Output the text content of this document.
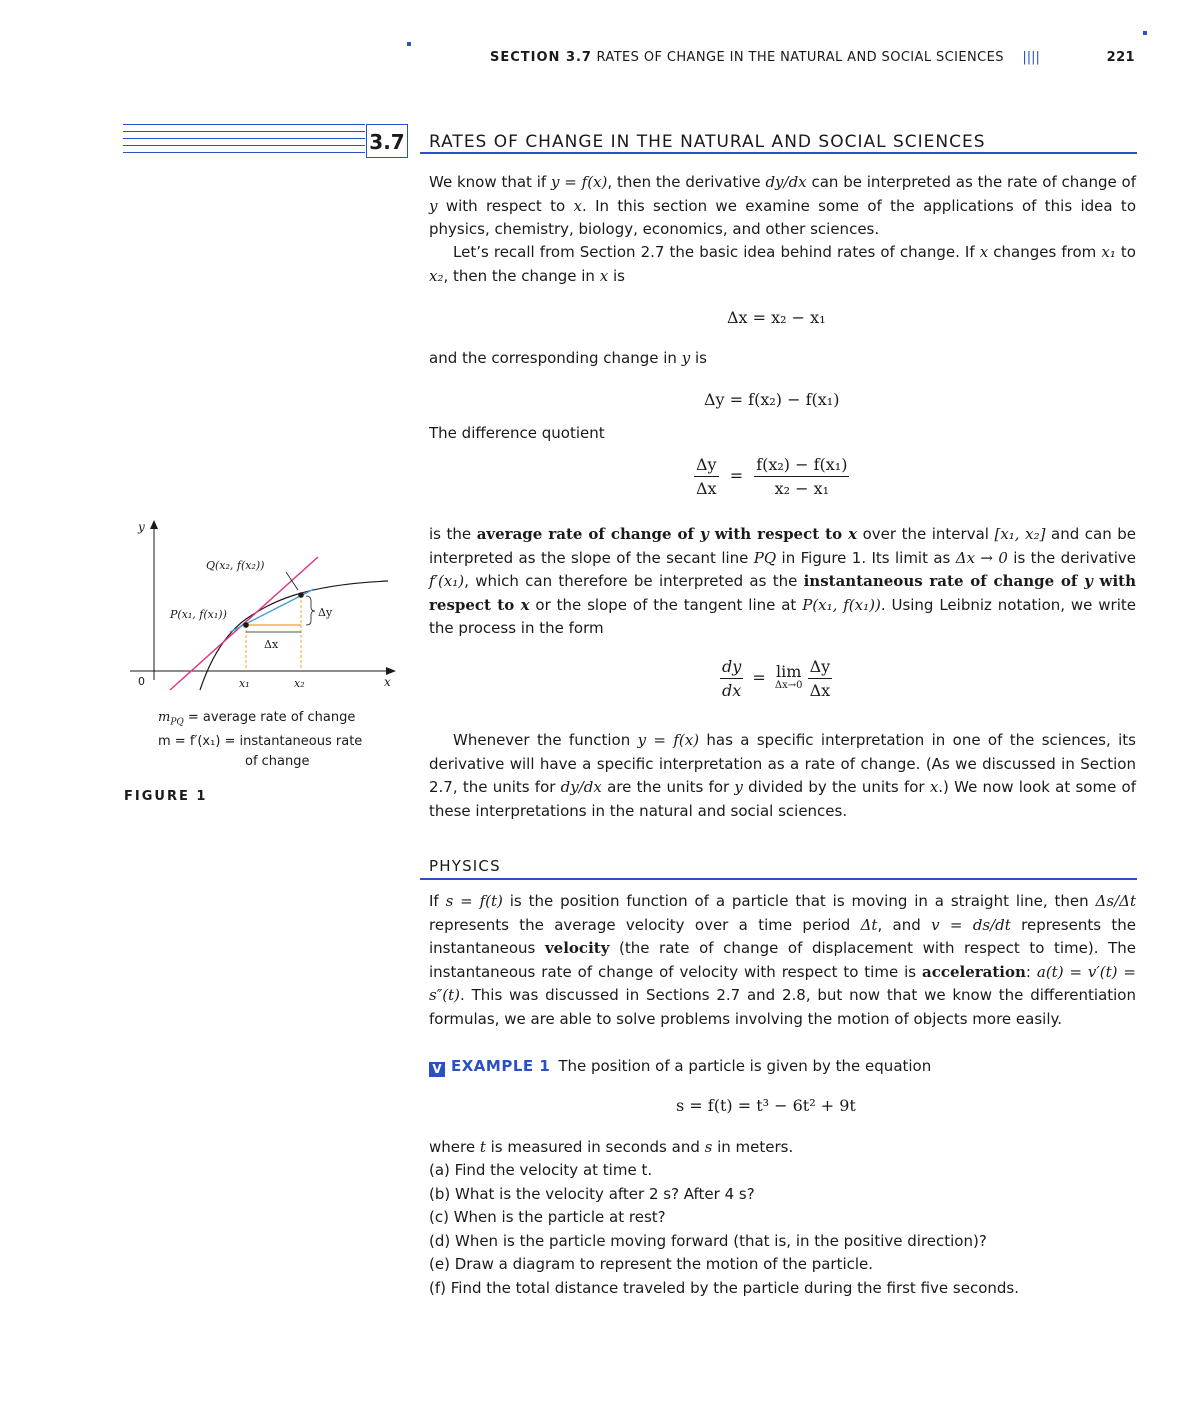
SECTION 3.7 RATES OF CHANGE IN THE NATURAL AND SOCIAL SCIENCES ||||	221
3.7 RATES OF CHANGE IN THE NATURAL AND SOCIAL SCIENCES
We know that if y = f(x), then the derivative dy/dx can be interpreted as the rate of change of y with respect to x. In this section we examine some of the applications of this idea to physics, chemistry, biology, economics, and other sciences.
Let’s recall from Section 2.7 the basic idea behind rates of change. If x changes from x₁ to x₂, then the change in x is
Δx = x₂ − x₁
and the corresponding change in y is
Δy = f(x₂) − f(x₁)
The difference quotient
$\frac{\Delta y}{\Delta x} = \frac{\text{f(x₂) − f(x₁)}}{\text{x₂ − x₁}}$
is the average rate of change of y with respect to x over the interval [x₁, x₂] and can be interpreted as the slope of the secant line PQ in Figure 1. Its limit as Δx → 0 is the derivative f′(x₁), which can therefore be interpreted as the instantaneous rate of change of y with respect to x or the slope of the tangent line at P(x₁, f(x₁)). Using Leibniz notation, we write the process in the form
$\frac{dy}{dx} = \lim$
Δx→0
$\frac{\Delta y}{\Delta x}$
Whenever the function y = f(x) has a specific interpretation in one of the sciences, its derivative will have a specific interpretation as a rate of change. (As we discussed in Section 2.7, the units for dy/dx are the units for y divided by the units for x.) We now look at some of these interpretations in the natural and social sciences.
PHYSICS
If s = f(t) is the position function of a particle that is moving in a straight line, then Δs/Δt represents the average velocity over a time period Δt, and v = ds/dt represents the instantaneous velocity (the rate of change of displacement with respect to time). The instantaneous rate of change of velocity with respect to time is acceleration: a(t) = v′(t) = s″(t). This was discussed in Sections 2.7 and 2.8, but now that we know the differentiation formulas, we are able to solve problems involving the motion of objects more easily.
V EXAMPLE 1 The position of a particle is given by the equation
s = f(t) = t³ − 6t² + 9t
where t is measured in seconds and s in meters.
(a) Find the velocity at time t.
(b) What is the velocity after 2 s? After 4 s?
(c) When is the particle at rest?
(d) When is the particle moving forward (that is, in the positive direction)?
(e) Draw a diagram to represent the motion of the particle.
(f) Find the total distance traveled by the particle during the first five seconds.
y
x
0	x₁	x₂
Q(x₂, f(x₂))
P(x₁, f(x₁))
Δx
Δy
$m_{PQ}$ = average rate of change
m = f′(x₁) = instantaneous rate
of change
FIGURE 1
